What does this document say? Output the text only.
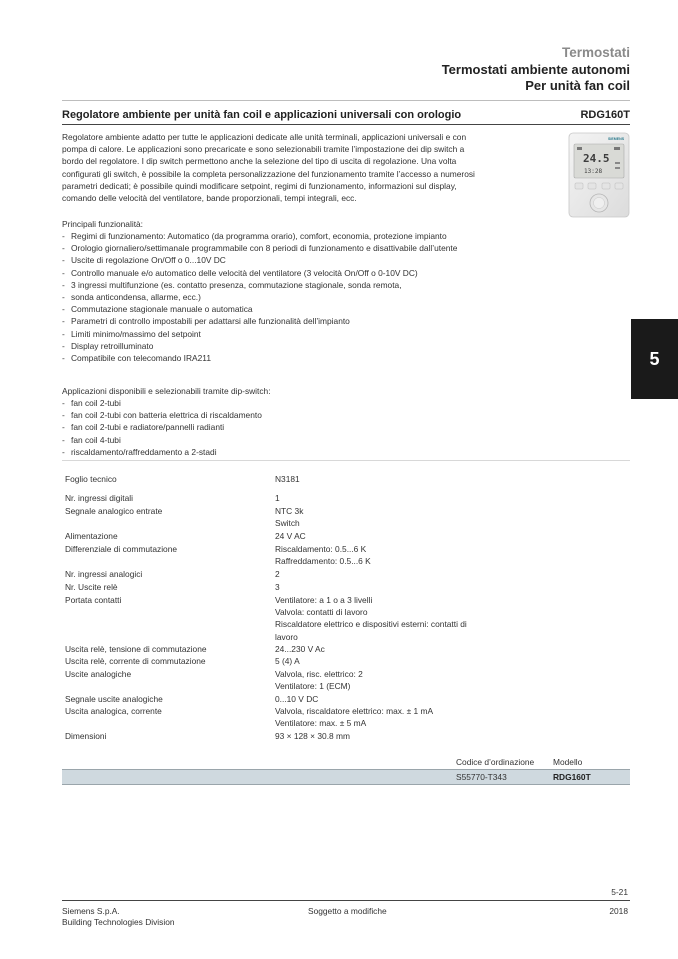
Termostati
Termostati ambiente autonomi
Per unità fan coil
Regolatore ambiente per unità fan coil e applicazioni universali con orologio	RDG160T
SIEMENS
24.5
13:28
Regolatore ambiente adatto per tutte le applicazioni dedicate alle unità terminali, applicazioni universali e con pompa di calore. Le applicazioni sono precaricate e sono selezionabili tramite l’impostazione dei dip switch a bordo del regolatore. I dip switch permettono anche la selezione del tipo di uscita di regolazione. Una volta configurati gli switch, è possibile la completa personalizzazione del funzionamento tramite l’accesso a numerosi parametri dedicati; è possibile quindi modificare setpoint, regimi di funzionamento, informazioni sul display, comando delle velocità del ventilatore, bande proporzionali, tempi integrali, ecc.
Principali funzionalità:
- Regimi di funzionamento: Automatico (da programma orario), comfort, economia, protezione impianto
- Orologio giornaliero/settimanale programmabile con 8 periodi di funzionamento e disattivabile dall’utente
- Uscite di regolazione On/Off o 0...10V DC
- Controllo manuale e/o automatico delle velocità del ventilatore (3 velocità On/Off o 0-10V DC)
- 3 ingressi multifunzione (es. contatto presenza, commutazione stagionale, sonda remota,
- sonda anticondensa, allarme, ecc.)
- Commutazione stagionale manuale o automatica
- Parametri di controllo impostabili per adattarsi alle funzionalità dell’impianto
- Limiti minimo/massimo del setpoint
- Display retroilluminato
- Compatibile con telecomando IRA211
Applicazioni disponibili e selezionabili tramite dip-switch:
- fan coil 2-tubi
- fan coil 2-tubi con batteria elettrica di riscaldamento
- fan coil 2-tubi e radiatore/pannelli radianti
- fan coil 4-tubi
- riscaldamento/raffreddamento a 2-stadi
Foglio tecnico	N3181
Nr. ingressi digitali	1
Segnale analogico entrate	NTC 3k
Switch
Alimentazione	24 V AC
Differenziale di commutazione	Riscaldamento: 0.5...6 K
Raffreddamento: 0.5...6 K
Nr. ingressi analogici	2
Nr. Uscite relè	3
Portata contatti	Ventilatore: a 1 o a 3 livelli
Valvola: contatti di lavoro
Riscaldatore elettrico e dispositivi esterni: contatti di lavoro
Uscita relè, tensione di commutazione	24...230 V Ac
Uscita relè, corrente di commutazione	5 (4) A
Uscite analogiche	Valvola, risc. elettrico: 2
Ventilatore: 1 (ECM)
Segnale uscite analogiche	0...10 V DC
Uscita analogica, corrente	Valvola, riscaldatore elettrico: max. ± 1 mA
Ventilatore: max. ± 5 mA
Dimensioni	93 × 128 × 30.8 mm
Codice d’ordinazione Modello
S55770-T343	RDG160T
5
5-21
Siemens S.p.A.
Building Technologies Division
Soggetto a modifiche	2018
